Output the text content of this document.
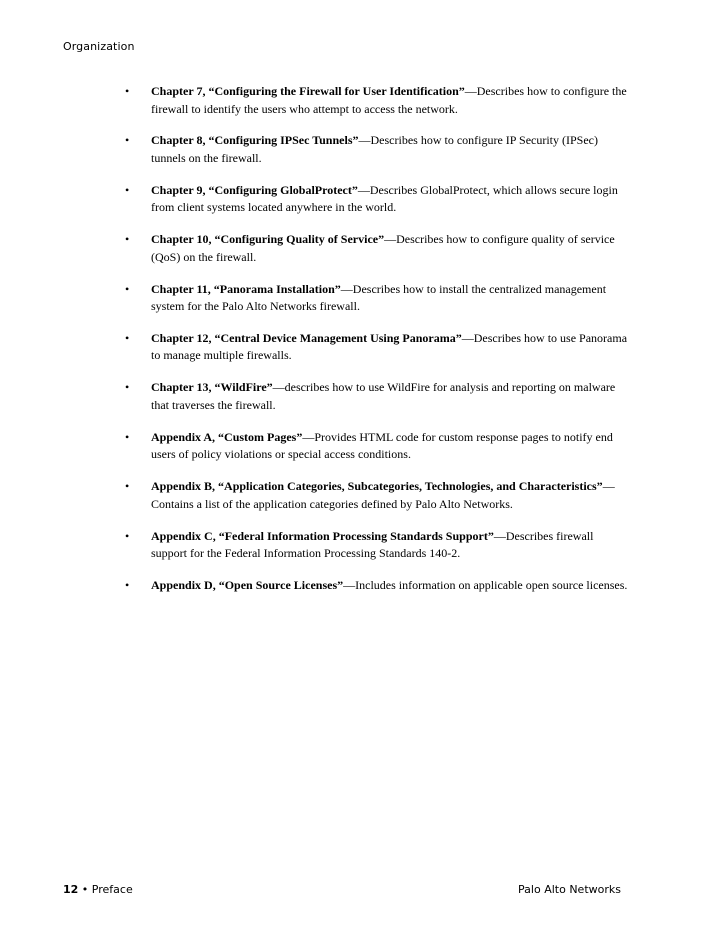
Organization
• Chapter 7, “Configuring the Firewall for User Identification”—Describes how to configure the firewall to identify the users who attempt to access the network.
• Chapter 8, “Configuring IPSec Tunnels”—Describes how to configure IP Security (IPSec) tunnels on the firewall.
• Chapter 9, “Configuring GlobalProtect”—Describes GlobalProtect, which allows secure login from client systems located anywhere in the world.
• Chapter 10, “Configuring Quality of Service”—Describes how to configure quality of service (QoS) on the firewall.
• Chapter 11, “Panorama Installation”—Describes how to install the centralized management system for the Palo Alto Networks firewall.
• Chapter 12, “Central Device Management Using Panorama”—Describes how to use Panorama to manage multiple firewalls.
• Chapter 13, “WildFire”—describes how to use WildFire for analysis and reporting on malware that traverses the firewall.
• Appendix A, “Custom Pages”—Provides HTML code for custom response pages to notify end users of policy violations or special access conditions.
• Appendix B, “Application Categories, Subcategories, Technologies, and Characteristics”—Contains a list of the application categories defined by Palo Alto Networks.
• Appendix C, “Federal Information Processing Standards Support”—Describes firewall support for the Federal Information Processing Standards 140-2.
• Appendix D, “Open Source Licenses”—Includes information on applicable open source licenses.
12 • Preface	Palo Alto Networks
